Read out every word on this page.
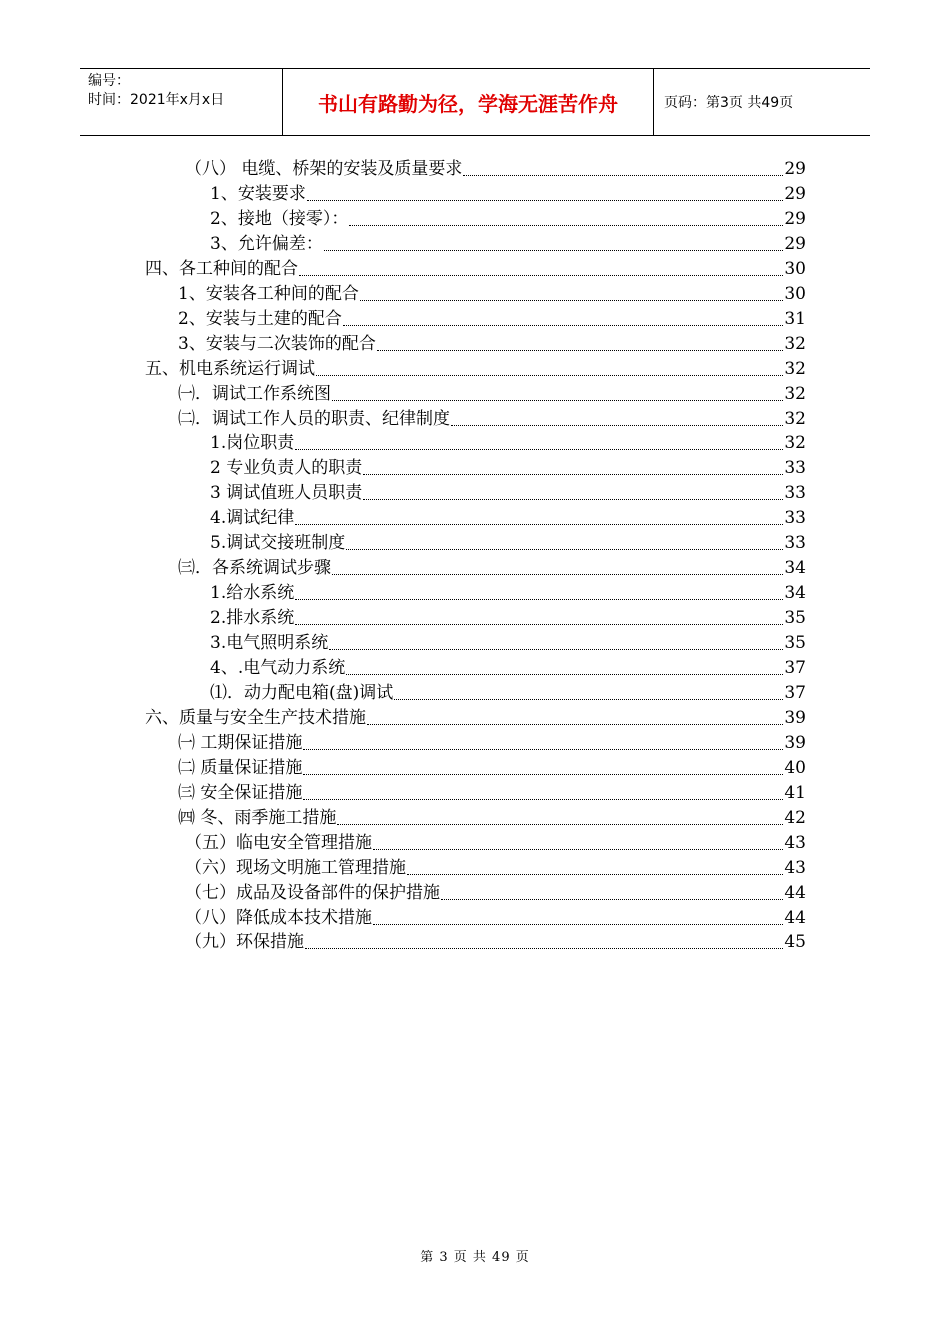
编号：
时间：2021年x月x日	书山有路勤为径，学海无涯苦作舟	页码：第3页 共49页
（八） 电缆、桥架的安装及质量要求	29
1、安装要求	29
2、接地（接零）：	29
3、允许偏差：	29
四、各工种间的配合	30
1、安装各工种间的配合	30
2、安装与土建的配合	31
3、安装与二次装饰的配合	32
五、机电系统运行调试	32
㈠．调试工作系统图	32
㈡．调试工作人员的职责、纪律制度	32
1.岗位职责	32
2 专业负责人的职责	33
3 调试值班人员职责	33
4.调试纪律	33
5.调试交接班制度	33
㈢．各系统调试步骤	34
1.给水系统	34
2.排水系统	35
3.电气照明系统	35
4、.电气动力系统	37
⑴．动力配电箱(盘)调试	37
六、质量与安全生产技术措施	39
㈠ 工期保证措施	39
㈡ 质量保证措施	40
㈢ 安全保证措施	41
㈣ 冬、雨季施工措施	42
（五）临电安全管理措施	43
（六）现场文明施工管理措施	43
（七）成品及设备部件的保护措施	44
（八）降低成本技术措施	44
（九）环保措施	45
第 3 页 共 49 页
